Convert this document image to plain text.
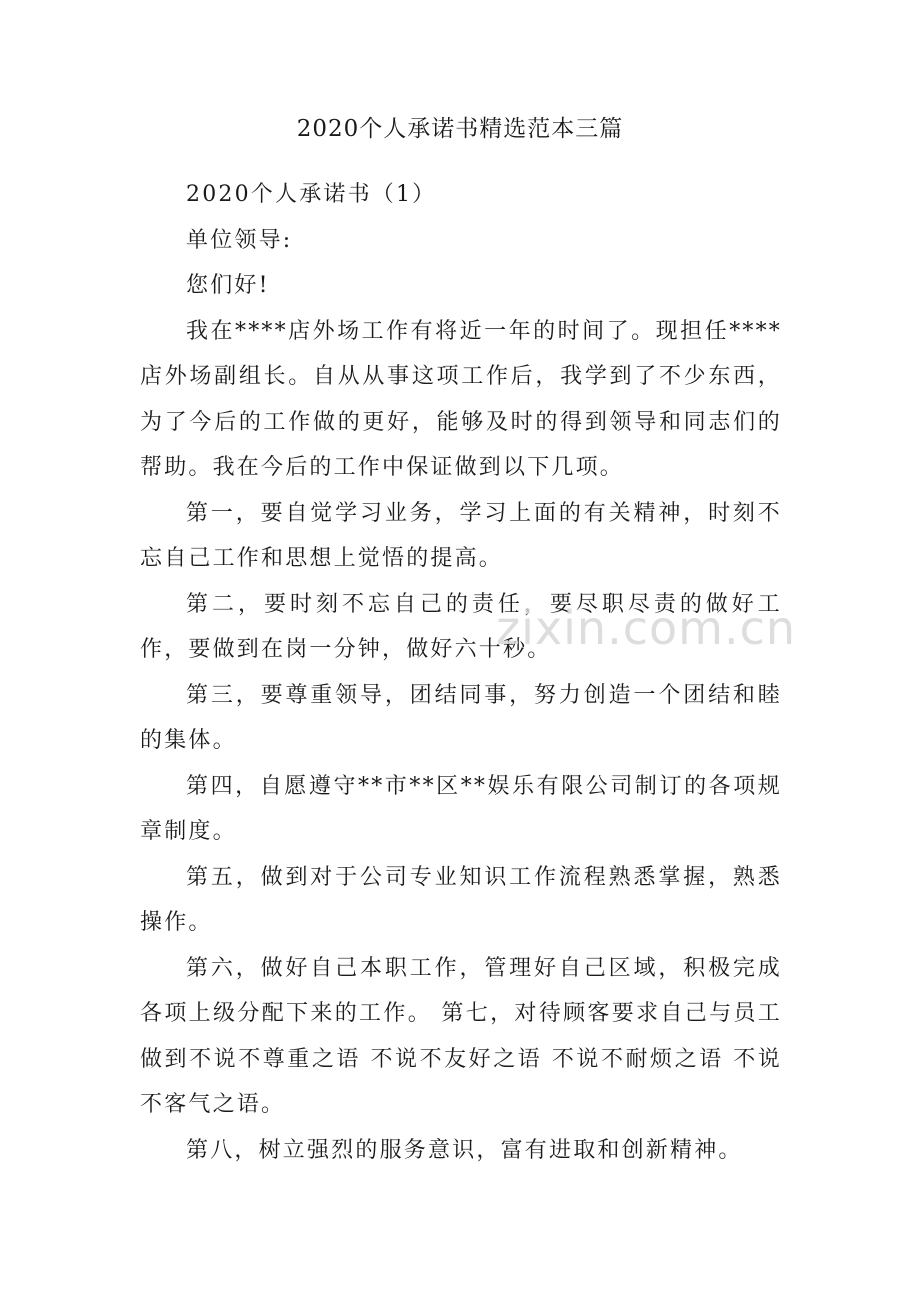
2020个人承诺书精选范本三篇

2020个人承诺书（1）

单位领导:

您们好!

我在****店外场工作有将近一年的时间了。现担任****店外场副组长。自从从事这项工作后，我学到了不少东西，为了今后的工作做的更好，能够及时的得到领导和同志们的帮助。我在今后的工作中保证做到以下几项。

第一，要自觉学习业务，学习上面的有关精神，时刻不忘自己工作和思想上觉悟的提高。

第二，要时刻不忘自己的责任，要尽职尽责的做好工作，要做到在岗一分钟，做好六十秒。

第三，要尊重领导，团结同事，努力创造一个团结和睦的集体。

第四，自愿遵守**市**区**娱乐有限公司制订的各项规章制度。

第五，做到对于公司专业知识工作流程熟悉掌握，熟悉操作。

第六，做好自己本职工作，管理好自己区域，积极完成各项上级分配下来的工作。 第七，对待顾客要求自己与员工做到不说不尊重之语 不说不友好之语 不说不耐烦之语 不说不客气之语。

第八，树立强烈的服务意识，富有进取和创新精神。

zixin.com.cn
